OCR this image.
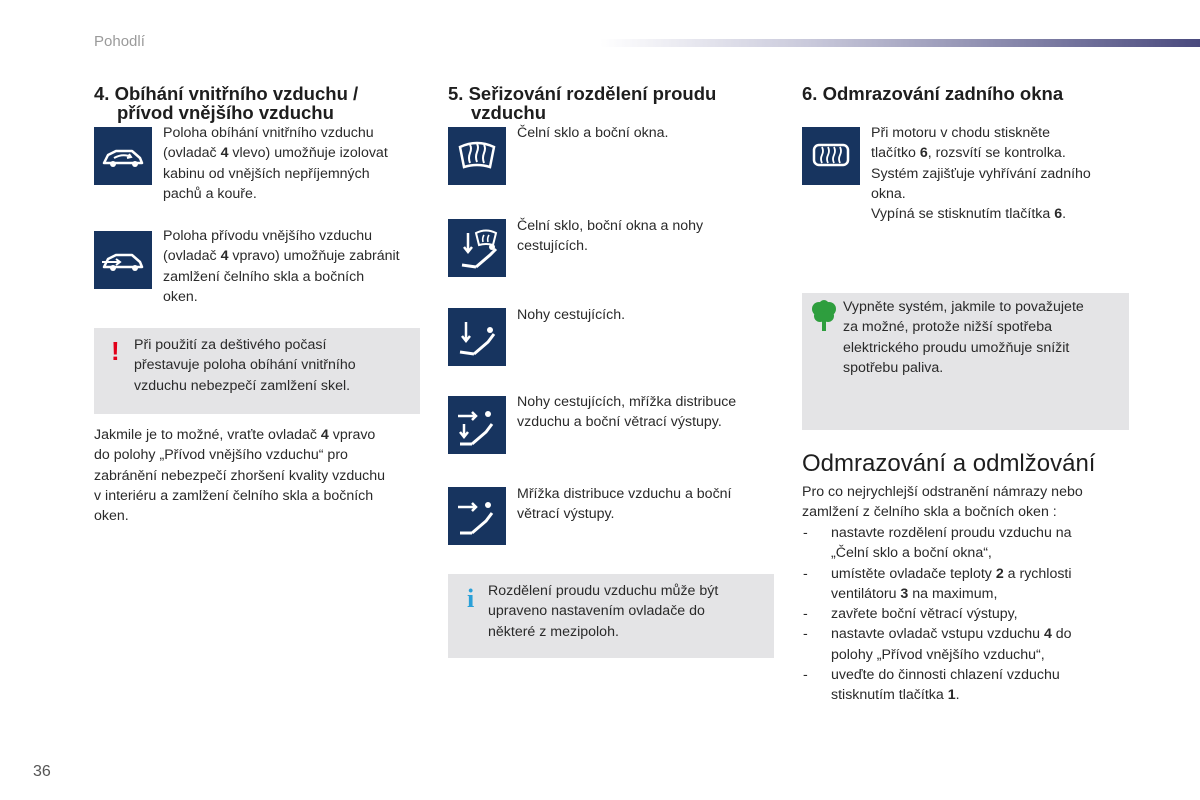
Pohodlí
4. Obíhání vnitřního vzduchu /
přívod vnějšího vzduchu

Poloha obíhání vnitřního vzduchu
(ovladač 4 vlevo) umožňuje izolovat
kabinu od vnějších nepříjemných
pachů a kouře.

Poloha přívodu vnějšího vzduchu
(ovladač 4 vpravo) umožňuje zabránit
zamlžení čelního skla a bočních
oken.

! Při použití za deštivého počasí
přestavuje poloha obíhání vnitřního
vzduchu nebezpečí zamlžení skel.

Jakmile je to možné, vraťte ovladač 4 vpravo
do polohy „Přívod vnějšího vzduchu“ pro
zabránění nebezpečí zhoršení kvality vzduchu
v interiéru a zamlžení čelního skla a bočních
oken.

5. Seřizování rozdělení proudu
vzduchu

Čelní sklo a boční okna.

Čelní sklo, boční okna a nohy
cestujících.

Nohy cestujících.

Nohy cestujících, mřížka distribuce
vzduchu a boční větrací výstupy.

Mřížka distribuce vzduchu a boční
větrací výstupy.

i Rozdělení proudu vzduchu může být
upraveno nastavením ovladače do
některé z mezipoloh.

6. Odmrazování zadního okna

Při motoru v chodu stiskněte
tlačítko 6, rozsvítí se kontrolka.
Systém zajišťuje vyhřívání zadního
okna.
Vypíná se stisknutím tlačítka 6.

Vypněte systém, jakmile to považujete
za možné, protože nižší spotřeba
elektrického proudu umožňuje snížit
spotřebu paliva.

Odmrazování a odmlžování

Pro co nejrychlejší odstranění námrazy nebo
zamlžení z čelního skla a bočních oken :

- nastavte rozdělení proudu vzduchu na
„Čelní sklo a boční okna“,
- umístěte ovladače teploty 2 a rychlosti
ventilátoru 3 na maximum,
- zavřete boční větrací výstupy,
- nastavte ovladač vstupu vzduchu 4 do
polohy „Přívod vnějšího vzduchu“,
- uveďte do činnosti chlazení vzduchu
stisknutím tlačítka 1.
36
